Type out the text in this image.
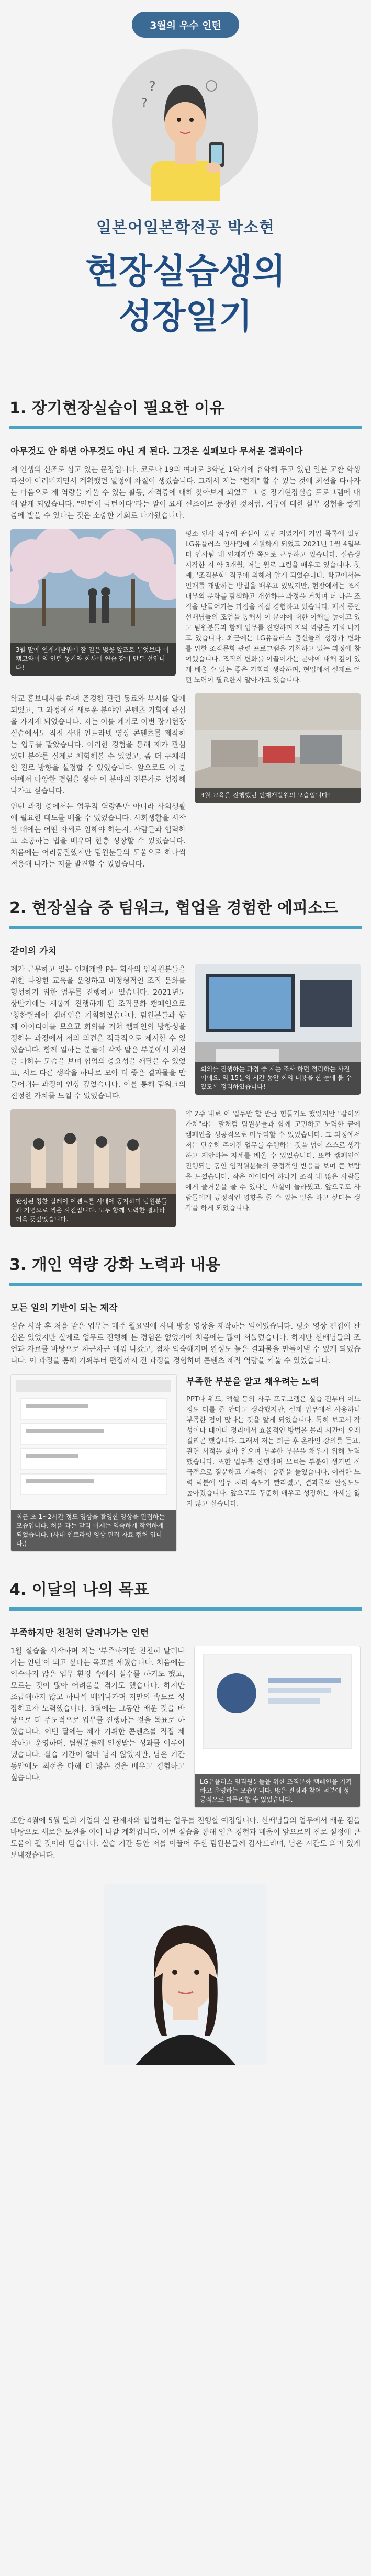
3월의 우수 인턴
?
?
일본어일본학전공 박소현
현장실습생의
성장일기
1. 장기현장실습이 필요한 이유
아무것도 안 하면 아무것도 아닌 게 된다. 그것은 실패보다 무서운 결과이다

제 인생의 신조로 삼고 있는 문장입니다. 코로나 19의 여파로 3학년 1학기에 휴학해 두고 있던 일본 교환 학생 파견이 어려워지면서 계획했던 일정에 차질이 생겼습니다. 그래서 저는 "현재" 할 수 있는 것에 최선을 다하자는 마음으로 제 역량을 키울 수 있는 활동, 자격증에 대해 찾아보게 되었고 그 중 장기현장실습 프로그램에 대해 알게 되었습니다. "인턴이 금턴이다"라는 말이 요새 신조어로 등장한 것처럼, 직무에 대한 실무 경험을 쌓게 줌에 발을 수 있다는 것은 소중한 기회로 다가왔습니다.

3월 말에 인재개발원에 잘 일은 벚꽃 앞조로 무엇보다 이 캠코와이 의 인턴 동기와 회사에 연습 잘이 만든 선입니다!

평소 인사 직무에 관심이 있던 저였기에 기업 목록에 있던 LG유플러스 인사팀에 지원하게 되었고 2021년 1월 4일부터 인사팀 내 인재개발 쪽으로 근무하고 있습니다. 실습생 시작한 지 약 3개월, 저는 월로 그림을 배우고 있습니다. 첫째, '조직문화' 직무에 의해서 알게 되었습니다. 학교에서는 인재를 개발하는 방법을 배우고 있었지만, 현장에서는 조직 내부의 문화를 탐색하고 개선하는 과정을 거치며 더 나은 조직을 만들어가는 과정을 직접 경험하고 있습니다. 재직 중인 선배님들의 조언을 통해서 이 분야에 대한 이해를 높이고 있고 팀원분들과 함께 업무를 진행하며 저의 역량을 키워 나가고 있습니다. 최근에는 LG유플러스 출신들의 성장과 변화를 위한 조직문화 관련 프로그램을 기획하고 있는 과정에 참여했습니다. 조직의 변화를 이끌어가는 분야에 대해 깊이 있게 배울 수 있는 좋은 기회라 생각하며, 현업에서 실제로 어떤 노력이 필요한지 알아가고 있습니다.

학교 홍보대사를 하며 존경한 관련 동료와 부서를 알게 되었고, 그 과정에서 새로운 분야인 콘텐츠 기획에 관심을 가지게 되었습니다. 저는 이를 계기로 이번 장기현장실습에서도 직접 사내 인트라넷 영상 콘텐츠를 제작하는 업무를 맡았습니다. 이러한 경험을 통해 제가 관심 있던 분야를 실제로 체험해볼 수 있었고, 좀 더 구체적인 진로 방향을 설정할 수 있었습니다. 앞으로도 이 분야에서 다양한 경험을 쌓아 이 분야의 전문가로 성장해 나가고 싶습니다.

인턴 과정 중에서는 업무적 역량뿐만 아니라 사회생활에 필요한 태도를 배울 수 있었습니다. 사회생활을 시작할 때에는 어떤 자세로 임해야 하는지, 사람들과 협력하고 소통하는 법을 배우며 한층 성장할 수 있었습니다. 처음에는 어리둥절했지만 팀원분들의 도움으로 하나씩 적응해 나가는 저를 발견할 수 있었습니다.

3월 교육을 진행했던 인재개발원의 모습입니다!
2. 현장실습 중 팀워크, 협업을 경험한 에피소드
같이의 가치

제가 근무하고 있는 인재개발 P는 회사의 임직원분들을 위한 다양한 교육을 운영하고 비정형적인 조직 문화를 형성하기 위한 업무를 진행하고 있습니다. 2021년도 상반기에는 새롭게 진행하게 된 조직문화 캠페인으로 '칭찬릴레이' 캠페인을 기획하였습니다. 팀원분들과 함께 아이디어를 모으고 회의를 거쳐 캠페인의 방향성을 정하는 과정에서 저의 의견을 적극적으로 제시할 수 있었습니다. 함께 일하는 분들이 각자 맡은 부분에서 최선을 다하는 모습을 보며 협업의 중요성을 깨달을 수 있었고, 서로 다른 생각을 하나로 모아 더 좋은 결과물을 만들어내는 과정이 인상 깊었습니다. 이를 통해 팀워크의 진정한 가치를 느낄 수 있었습니다.

회의를 진행하는 과정 중 저는 조사 하던 정리하는 사진이에요. 약 15분의 시간 동안 회의 내용을 한 눈에 볼 수 있도록 정리하였습니다!
완성된 칭찬 릴레이 이벤트를 사내에 공지하며 팀원분들과 기념으로 찍은 사진입니다. 모두 함께 노력한 결과라 더욱 뜻깊었습니다.

약 2주 내로 이 업무만 할 만큼 힘들기도 했었지만 "같이의 가치"라는 말처럼 팀원분들과 함께 고민하고 노력한 끝에 캠페인을 성공적으로 마무리할 수 있었습니다. 그 과정에서 저는 단순히 주어진 업무를 수행하는 것을 넘어 스스로 생각하고 제안하는 자세를 배울 수 있었습니다. 또한 캠페인이 진행되는 동안 임직원분들의 긍정적인 반응을 보며 큰 보람을 느꼈습니다. 작은 아이디어 하나가 조직 내 많은 사람들에게 즐거움을 줄 수 있다는 사실이 놀라웠고, 앞으로도 사람들에게 긍정적인 영향을 줄 수 있는 일을 하고 싶다는 생각을 하게 되었습니다.

3. 개인 역량 강화 노력과 내용
모든 일의 기반이 되는 제작

실습 시작 후 처음 맡은 업무는 매주 월요일에 사내 방송 영상을 제작하는 일이었습니다. 평소 영상 편집에 관심은 있었지만 실제로 업무로 진행해 본 경험은 없었기에 처음에는 많이 서툴렀습니다. 하지만 선배님들의 조언과 자료를 바탕으로 차근차근 배워 나갔고, 점차 익숙해지며 완성도 높은 결과물을 만들어낼 수 있게 되었습니다. 이 과정을 통해 기획부터 편집까지 전 과정을 경험하며 콘텐츠 제작 역량을 키울 수 있었습니다.

최근 초 1~2시간 정도 영상을 촬영한 영상을 편집하는 모습입니다. 처음 과는 달리 이제는 익숙하게 작업하게 되었습니다. (사내 인트라넷 영상 편집 자료 캡처 입니다.)
부족한 부분을 알고 채우려는 노력

PPT나 워드, 엑셀 등의 사무 프로그램은 실습 전부터 어느 정도 다룰 줄 안다고 생각했지만, 실제 업무에서 사용하니 부족한 점이 많다는 것을 알게 되었습니다. 특히 보고서 작성이나 데이터 정리에서 효율적인 방법을 몰라 시간이 오래 걸리곤 했습니다. 그래서 저는 퇴근 후 온라인 강의를 듣고, 관련 서적을 찾아 읽으며 부족한 부분을 채우기 위해 노력했습니다. 또한 업무를 진행하며 모르는 부분이 생기면 적극적으로 질문하고 기록하는 습관을 들였습니다. 이러한 노력 덕분에 업무 처리 속도가 빨라졌고, 결과물의 완성도도 높아졌습니다. 앞으로도 꾸준히 배우고 성장하는 자세를 잃지 않고 싶습니다.

4. 이달의 나의 목표
부족하지만 천천히 달려나가는 인턴

1월 실습을 시작하며 저는 '부족하지만 천천히 달려나가는 인턴'이 되고 싶다는 목표를 세웠습니다. 처음에는 익숙하지 않은 업무 환경 속에서 실수를 하기도 했고, 모르는 것이 많아 어려움을 겪기도 했습니다. 하지만 조급해하지 않고 하나씩 배워나가며 저만의 속도로 성장하고자 노력했습니다. 3월에는 그동안 배운 것을 바탕으로 더 주도적으로 업무를 진행하는 것을 목표로 하였습니다. 이번 달에는 제가 기획한 콘텐츠를 직접 제작하고 운영하며, 팀원분들께 인정받는 성과를 이루어냈습니다. 실습 기간이 얼마 남지 않았지만, 남은 기간 동안에도 최선을 다해 더 많은 것을 배우고 경험하고 싶습니다.	LG유플러스 임직원분들을 위한 조직문화 캠페인을 기획하고 운영하는 모습입니다. 많은 관심과 참여 덕분에 성공적으로 마무리할 수 있었습니다.

또한 4월에 5월 말의 기업의 실 관계자와 협업하는 업무를 진행할 예정입니다. 선배님들의 업무에서 배운 점을 바탕으로 새로운 도전을 이어 나갈 계획입니다. 이번 실습을 통해 얻은 경험과 배움이 앞으로의 진로 설정에 큰 도움이 될 것이라 믿습니다. 실습 기간 동안 저를 이끌어 주신 팀원분들께 감사드리며, 남은 시간도 의미 있게 보내겠습니다.
